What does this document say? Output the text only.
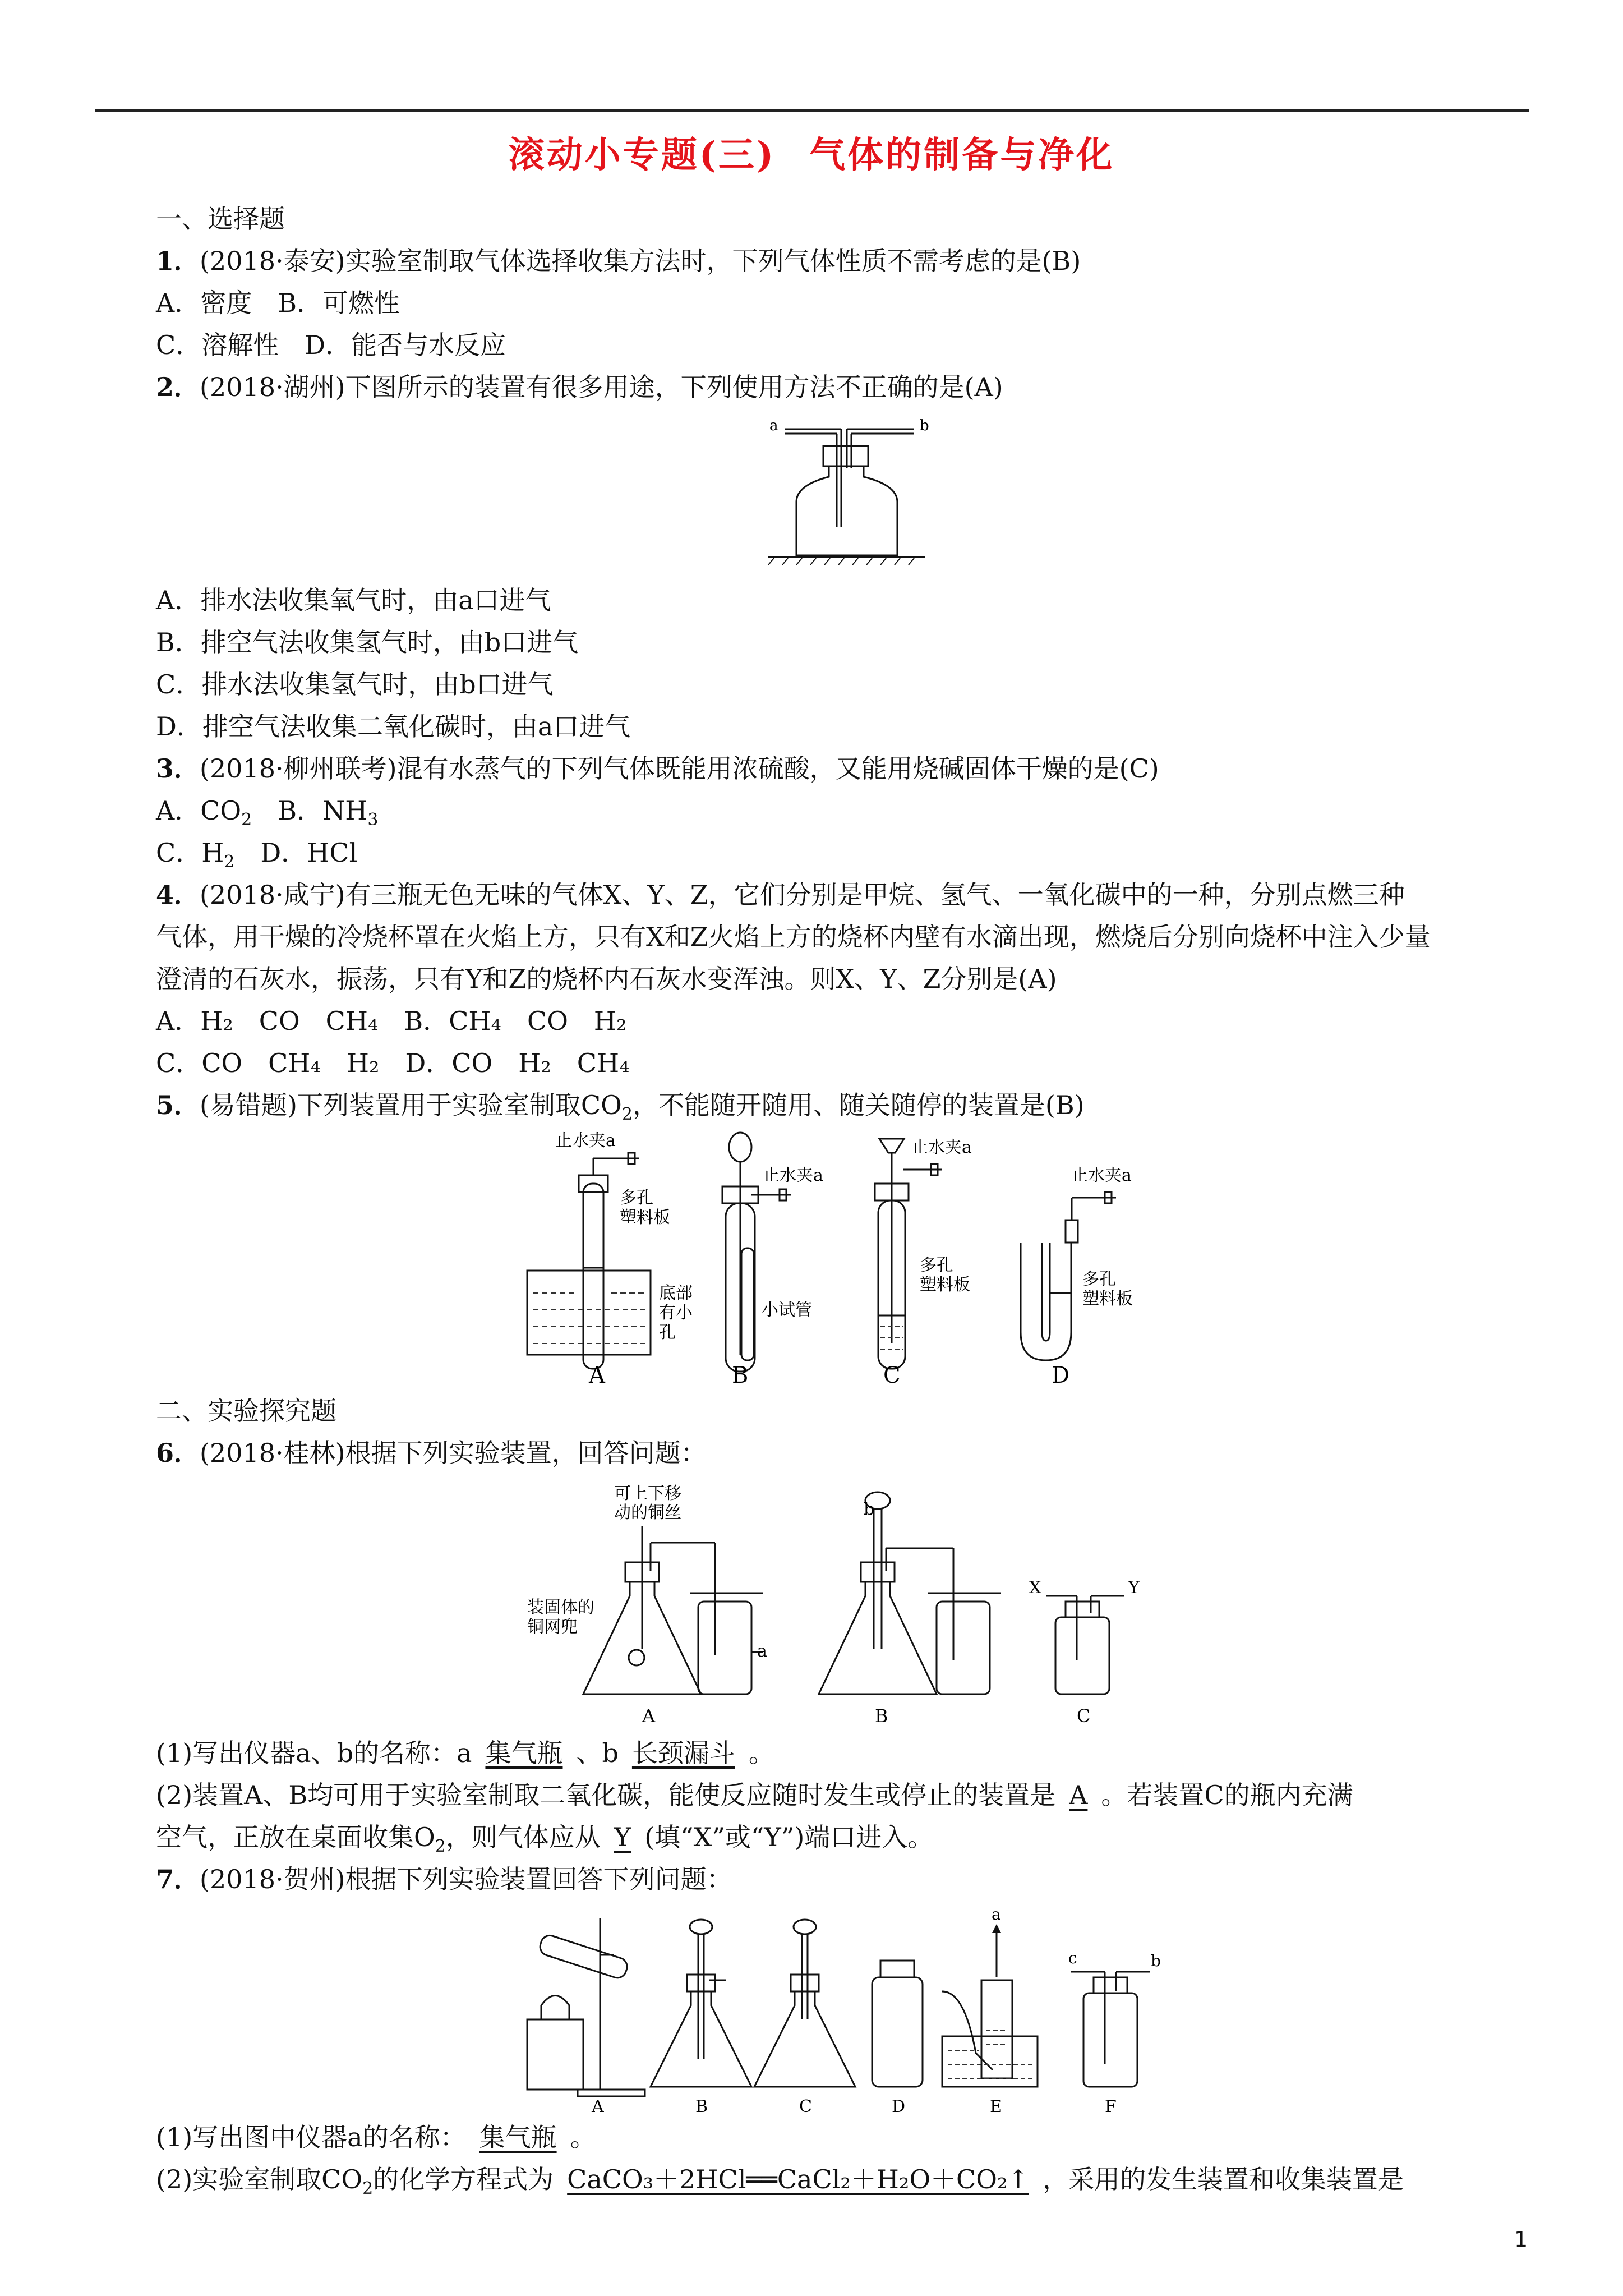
滚动小专题(三) 气体的制备与净化
一、选择题
1．(2018·泰安)实验室制取气体选择收集方法时，下列气体性质不需考虑的是(B)
A．密度　B．可燃性
C．溶解性　D．能否与水反应
2．(2018·湖州)下图所示的装置有很多用途，下列使用方法不正确的是(A)
a	b
A．排水法收集氧气时，由a口进气
B．排空气法收集氢气时，由b口进气
C．排水法收集氢气时，由b口进气
D．排空气法收集二氧化碳时，由a口进气
3．(2018·柳州联考)混有水蒸气的下列气体既能用浓硫酸，又能用烧碱固体干燥的是(C)
A．$CO_2$　B．$NH_3$
C．$H_2$　D．HCl
4．(2018·咸宁)有三瓶无色无味的气体X、Y、Z，它们分别是甲烷、氢气、一氧化碳中的一种，分别点燃三种
气体，用干燥的冷烧杯罩在火焰上方，只有X和Z火焰上方的烧杯内壁有水滴出现，燃烧后分别向烧杯中注入少量
澄清的石灰水，振荡，只有Y和Z的烧杯内石灰水变浑浊。则X、Y、Z分别是(A)
A．H₂　CO　CH₄　B．CH₄　CO　H₂
C．CO　CH₄　H₂　D．CO　H₂　CH₄
5．(易错题)下列装置用于实验室制取$CO_2$，不能随开随用、随关随停的装置是(B)
止水夹a
多孔
塑料板
底部
有小
孔
A
止水夹a
小试管
B
止水夹a
多孔
塑料板
C
止水夹a
多孔
塑料板
D
二、实验探究题
6．(2018·桂林)根据下列实验装置，回答问题：
可上下移
动的铜丝
装固体的
铜网兜
b
a
X	Y
A	B	C
(1)写出仪器a、b的名称：a 集气瓶 、b 长颈漏斗 。
(2)装置A、B均可用于实验室制取二氧化碳，能使反应随时发生或停止的装置是 A 。若装置C的瓶内充满
空气，正放在桌面收集$O_2$，则气体应从 Y (填“X”或“Y”)端口进入。
7．(2018·贺州)根据下列实验装置回答下列问题：
a
c	b
A	B	C	D	E	F
(1)写出图中仪器a的名称： 集气瓶 。
(2)实验室制取$CO_2$的化学方程式为 CaCO₃＋2HCl══CaCl₂＋H₂O＋CO₂↑ ，采用的发生装置和收集装置是
1
